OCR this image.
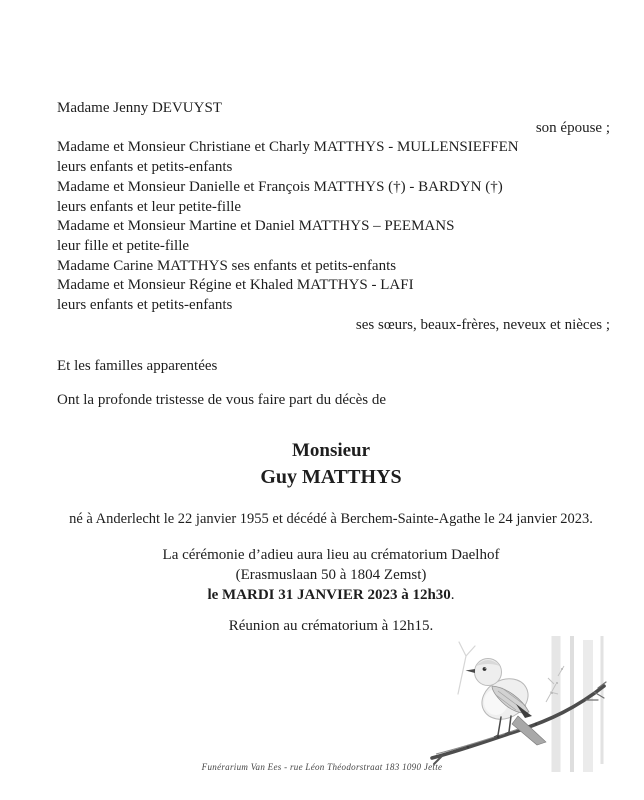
Madame Jenny DEVUYST
son épouse ;
Madame et Monsieur Christiane et Charly MATTHYS - MULLENSIEFFEN
leurs enfants et petits-enfants
Madame et Monsieur Danielle et François MATTHYS (†) - BARDYN (†)
leurs enfants et leur petite-fille
Madame et Monsieur Martine et Daniel MATTHYS – PEEMANS
leur fille et petite-fille
Madame Carine MATTHYS ses enfants et petits-enfants
Madame et Monsieur Régine et Khaled MATTHYS - LAFI
leurs enfants et petits-enfants
ses sœurs, beaux-frères, neveux et nièces ;
Et les familles apparentées
Ont la profonde tristesse de vous faire part du décès de
Monsieur
Guy MATTHYS
né à Anderlecht le 22 janvier 1955 et décédé à Berchem-Sainte-Agathe le 24 janvier 2023.
La cérémonie d’adieu aura lieu au crématorium Daelhof
(Erasmuslaan 50 à 1804 Zemst)
le MARDI 31 JANVIER 2023 à 12h30.
Réunion au crématorium à 12h15.
Funérarium Van Ees - rue Léon Théodorstraat 183 1090 Jette
